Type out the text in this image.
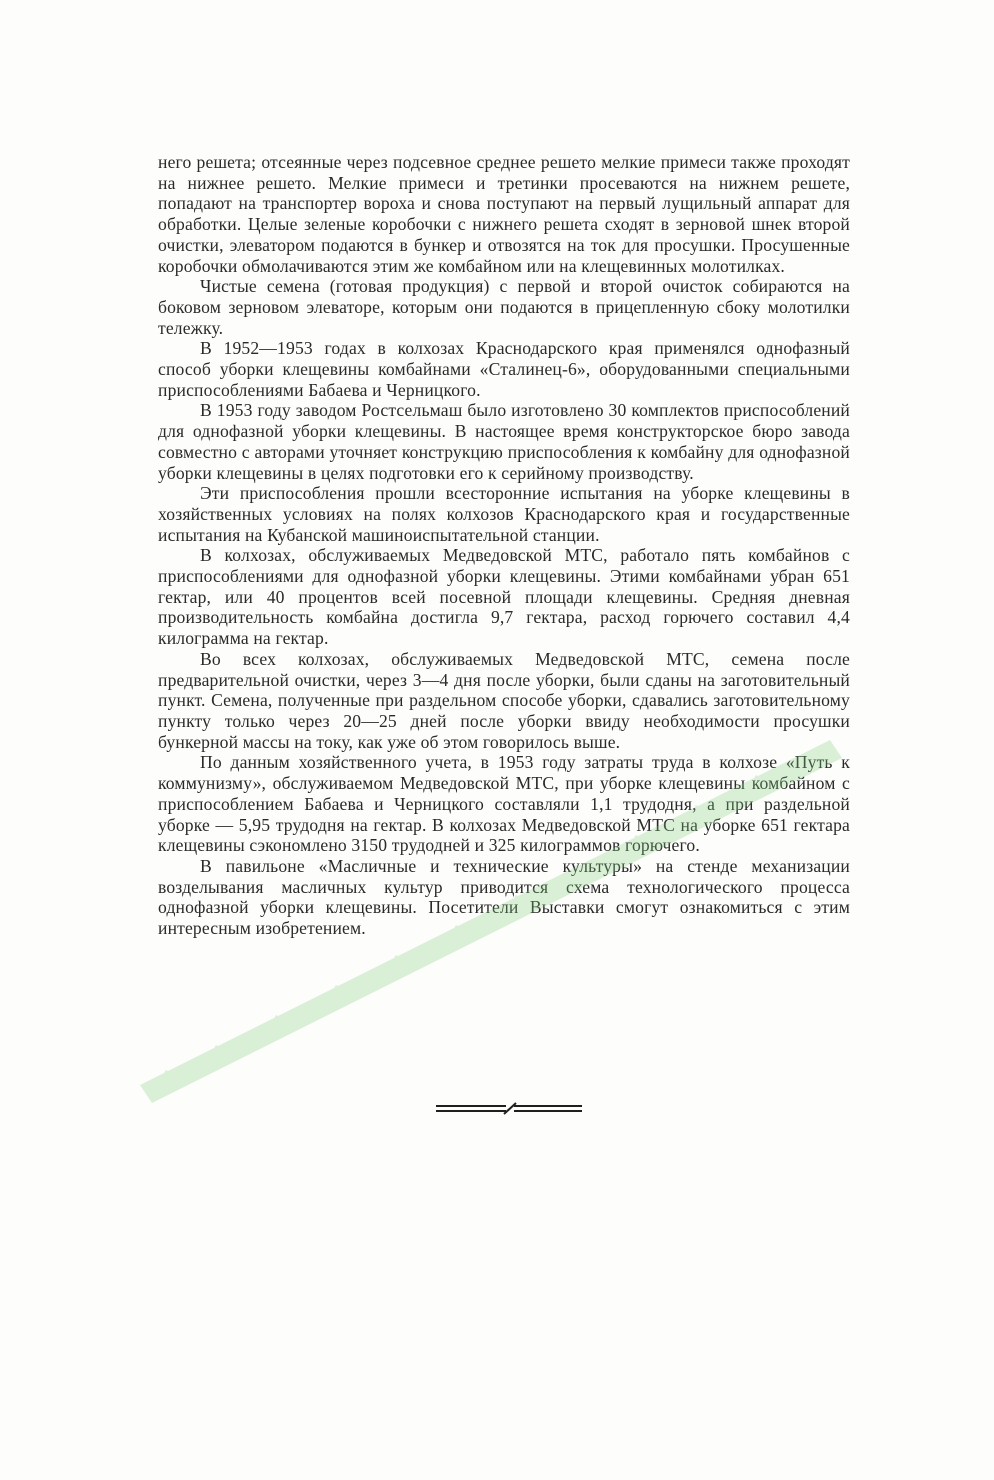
него решета; отсеянные через подсевное среднее решето мелкие примеси также проходят на нижнее решето. Мелкие примеси и третинки просеваются на нижнем решете, попадают на транспортер вороха и снова поступают на первый лущильный аппарат для обработки. Целые зеленые коробочки с нижнего решета сходят в зерновой шнек второй очистки, элеватором подаются в бункер и отвозятся на ток для просушки. Просушенные коробочки обмолачиваются этим же комбайном или на клещевинных молотилках.

Чистые семена (готовая продукция) с первой и второй очисток собираются на боковом зерновом элеваторе, которым они подаются в прицепленную сбоку молотилки тележку.

В 1952—1953 годах в колхозах Краснодарского края применялся однофазный способ уборки клещевины комбайнами «Сталинец-6», оборудованными специальными приспособлениями Бабаева и Черницкого.

В 1953 году заводом Ростсельмаш было изготовлено 30 комплектов приспособлений для однофазной уборки клещевины. В настоящее время конструкторское бюро завода совместно с авторами уточняет конструкцию приспособления к комбайну для однофазной уборки клещевины в целях подготовки его к серийному производству.

Эти приспособления прошли всесторонние испытания на уборке клещевины в хозяйственных условиях на полях колхозов Краснодарского края и государственные испытания на Кубанской машиноиспытательной станции.

В колхозах, обслуживаемых Медведовской МТС, работало пять комбайнов с приспособлениями для однофазной уборки клещевины. Этими комбайнами убран 651 гектар, или 40 процентов всей посевной площади клещевины. Средняя дневная производительность комбайна достигла 9,7 гектара, расход горючего составил 4,4 килограмма на гектар.

Во всех колхозах, обслуживаемых Медведовской МТС, семена после предварительной очистки, через 3—4 дня после уборки, были сданы на заготовительный пункт. Семена, полученные при раздельном способе уборки, сдавались заготовительному пункту только через 20—25 дней после уборки ввиду необходимости просушки бункерной массы на току, как уже об этом говорилось выше.

По данным хозяйственного учета, в 1953 году затраты труда в колхозе «Путь к коммунизму», обслуживаемом Медведовской МТС, при уборке клещевины комбайном с приспособлением Бабаева и Черницкого составляли 1,1 трудодня, а при раздельной уборке — 5,95 трудодня на гектар. В колхозах Медведовской МТС на уборке 651 гектара клещевины сэкономлено 3150 трудодней и 325 килограммов горючего.

В павильоне «Масличные и технические культуры» на стенде механизации возделывания масличных культур приводится схема технологического процесса однофазной уборки клещевины. Посетители Выставки смогут ознакомиться с этим интересным изобретением.
